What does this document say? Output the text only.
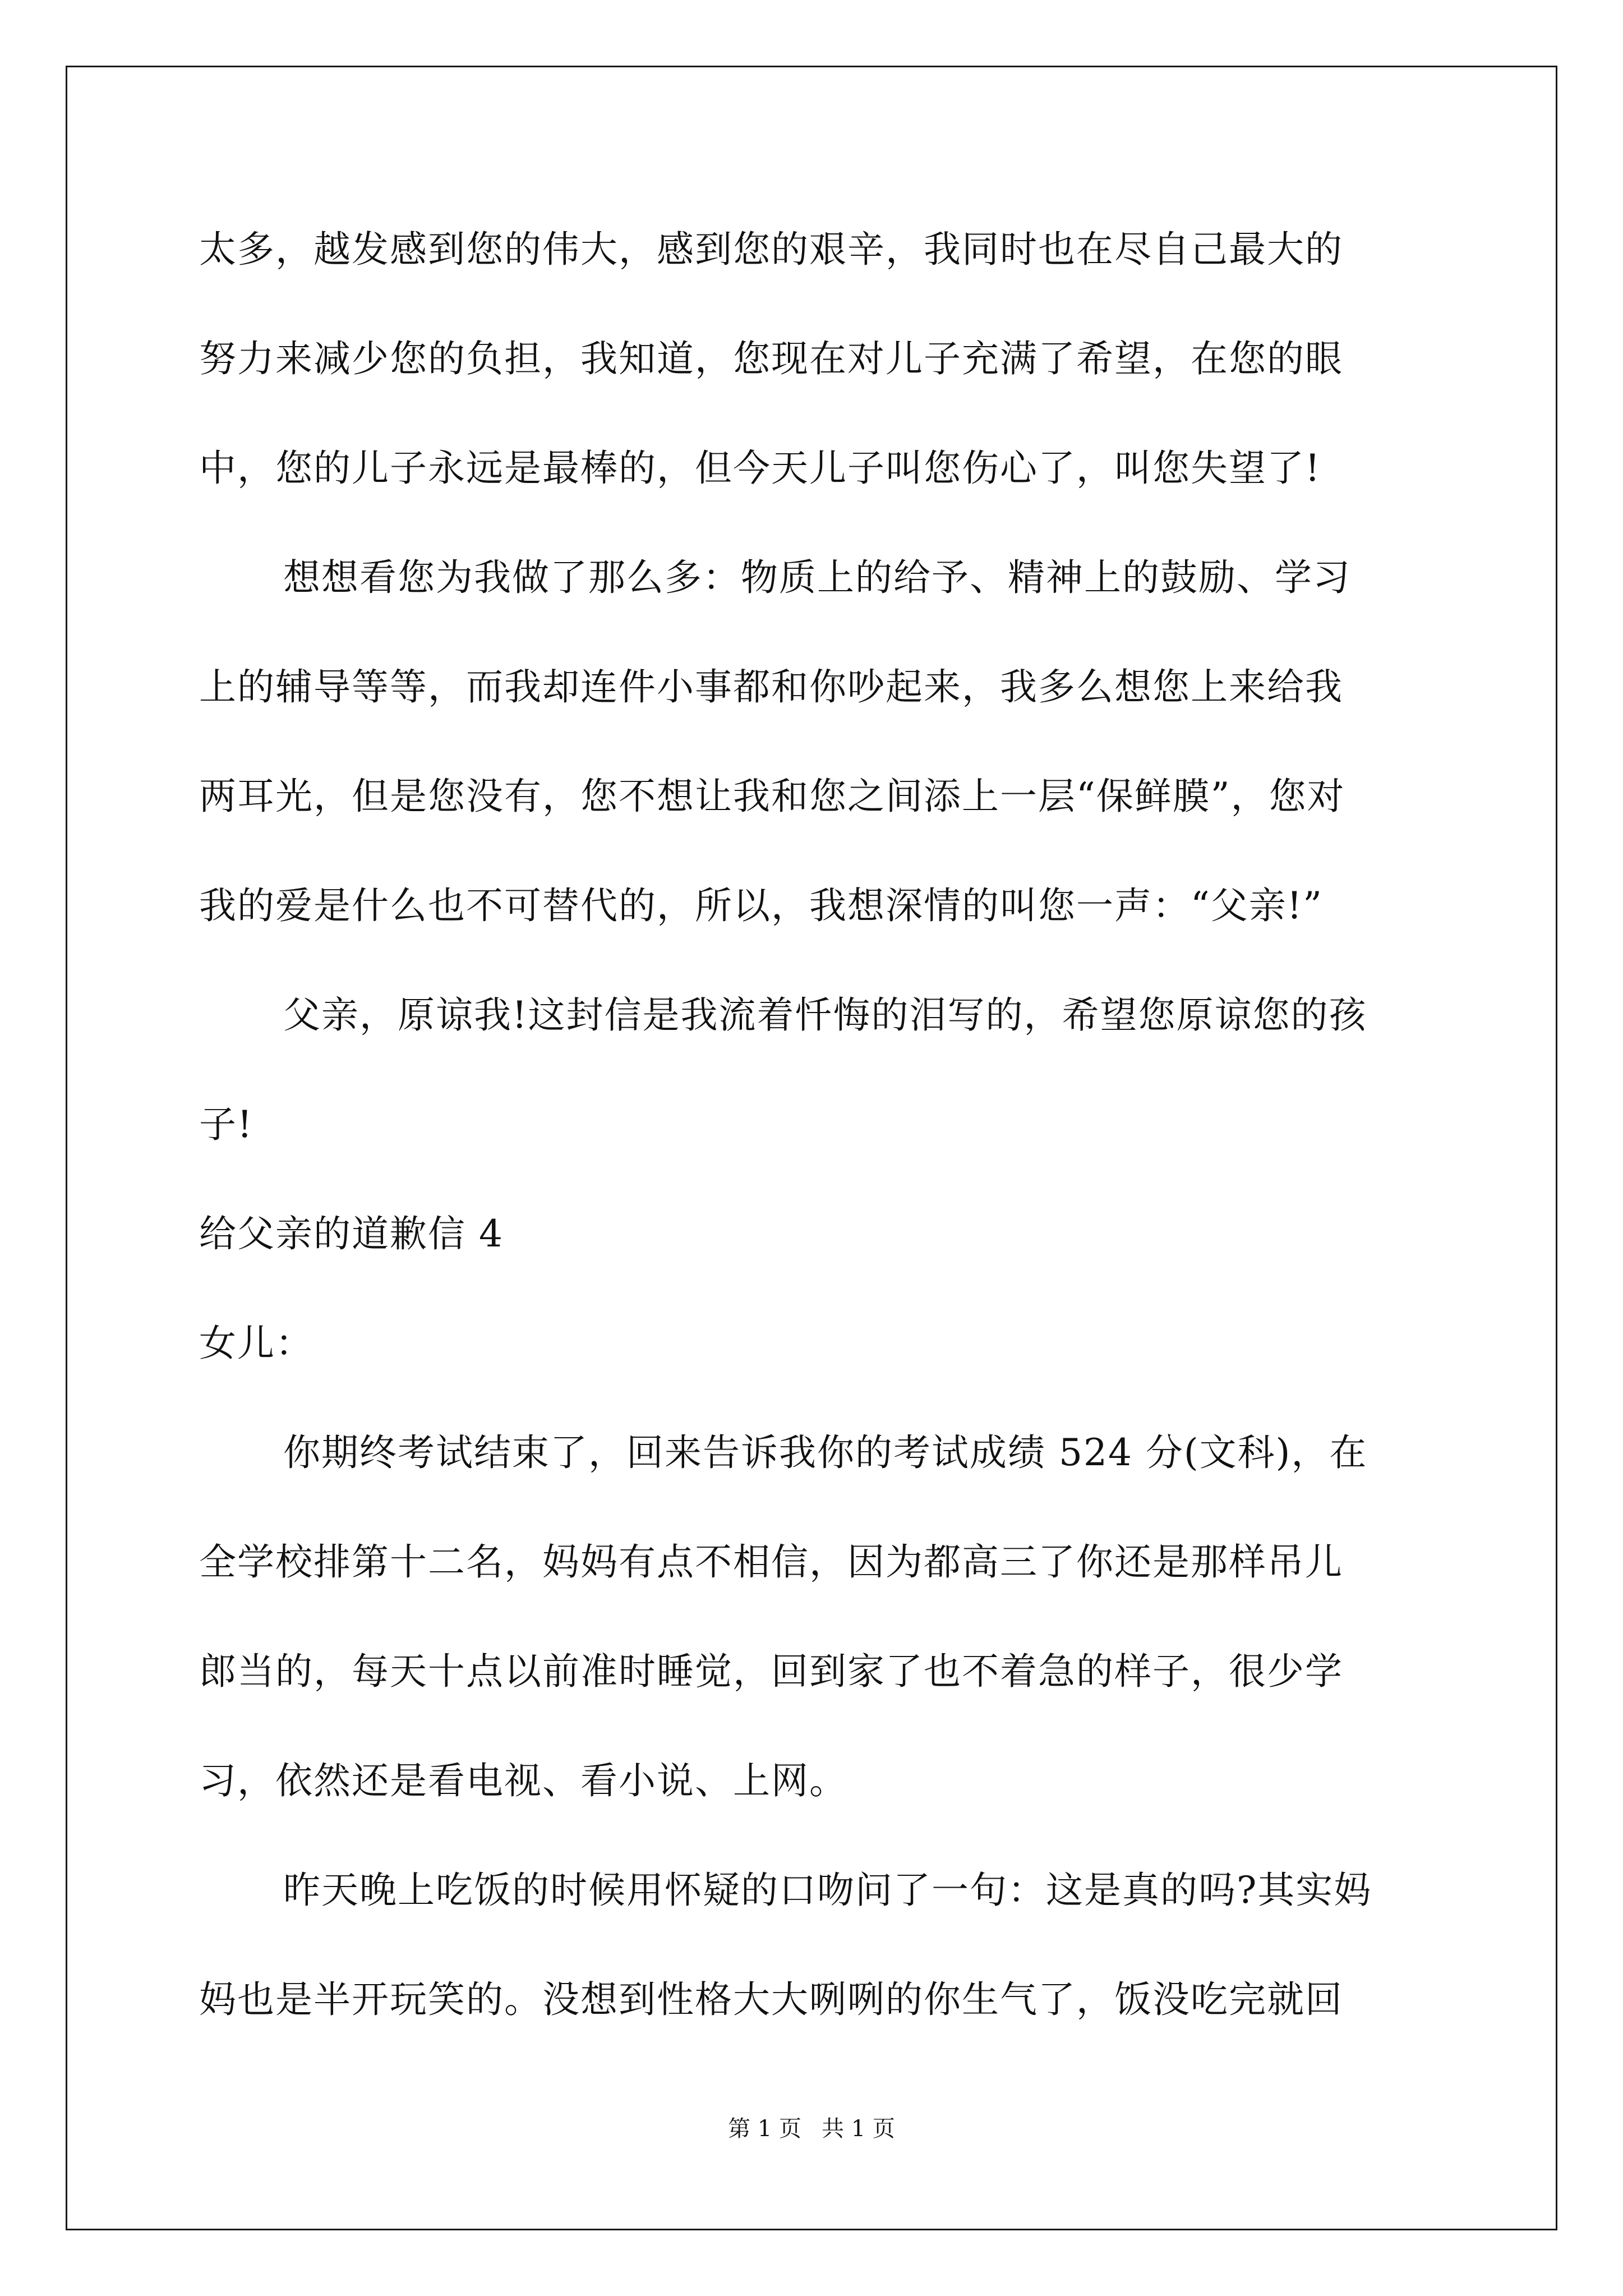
太多，越发感到您的伟大，感到您的艰辛，我同时也在尽自己最大的
努力来减少您的负担，我知道，您现在对儿子充满了希望，在您的眼
中，您的儿子永远是最棒的，但今天儿子叫您伤心了，叫您失望了!
想想看您为我做了那么多：物质上的给予、精神上的鼓励、学习
上的辅导等等，而我却连件小事都和你吵起来，我多么想您上来给我
两耳光，但是您没有，您不想让我和您之间添上一层“保鲜膜”，您对
我的爱是什么也不可替代的，所以，我想深情的叫您一声：“父亲!”
父亲，原谅我!这封信是我流着忏悔的泪写的，希望您原谅您的孩
子!
给父亲的道歉信 4
女儿：
你期终考试结束了，回来告诉我你的考试成绩 524 分(文科)，在
全学校排第十二名，妈妈有点不相信，因为都高三了你还是那样吊儿
郎当的，每天十点以前准时睡觉，回到家了也不着急的样子，很少学
习，依然还是看电视、看小说、上网。
昨天晚上吃饭的时候用怀疑的口吻问了一句：这是真的吗?其实妈
妈也是半开玩笑的。没想到性格大大咧咧的你生气了，饭没吃完就回
第 1 页 共 1 页
